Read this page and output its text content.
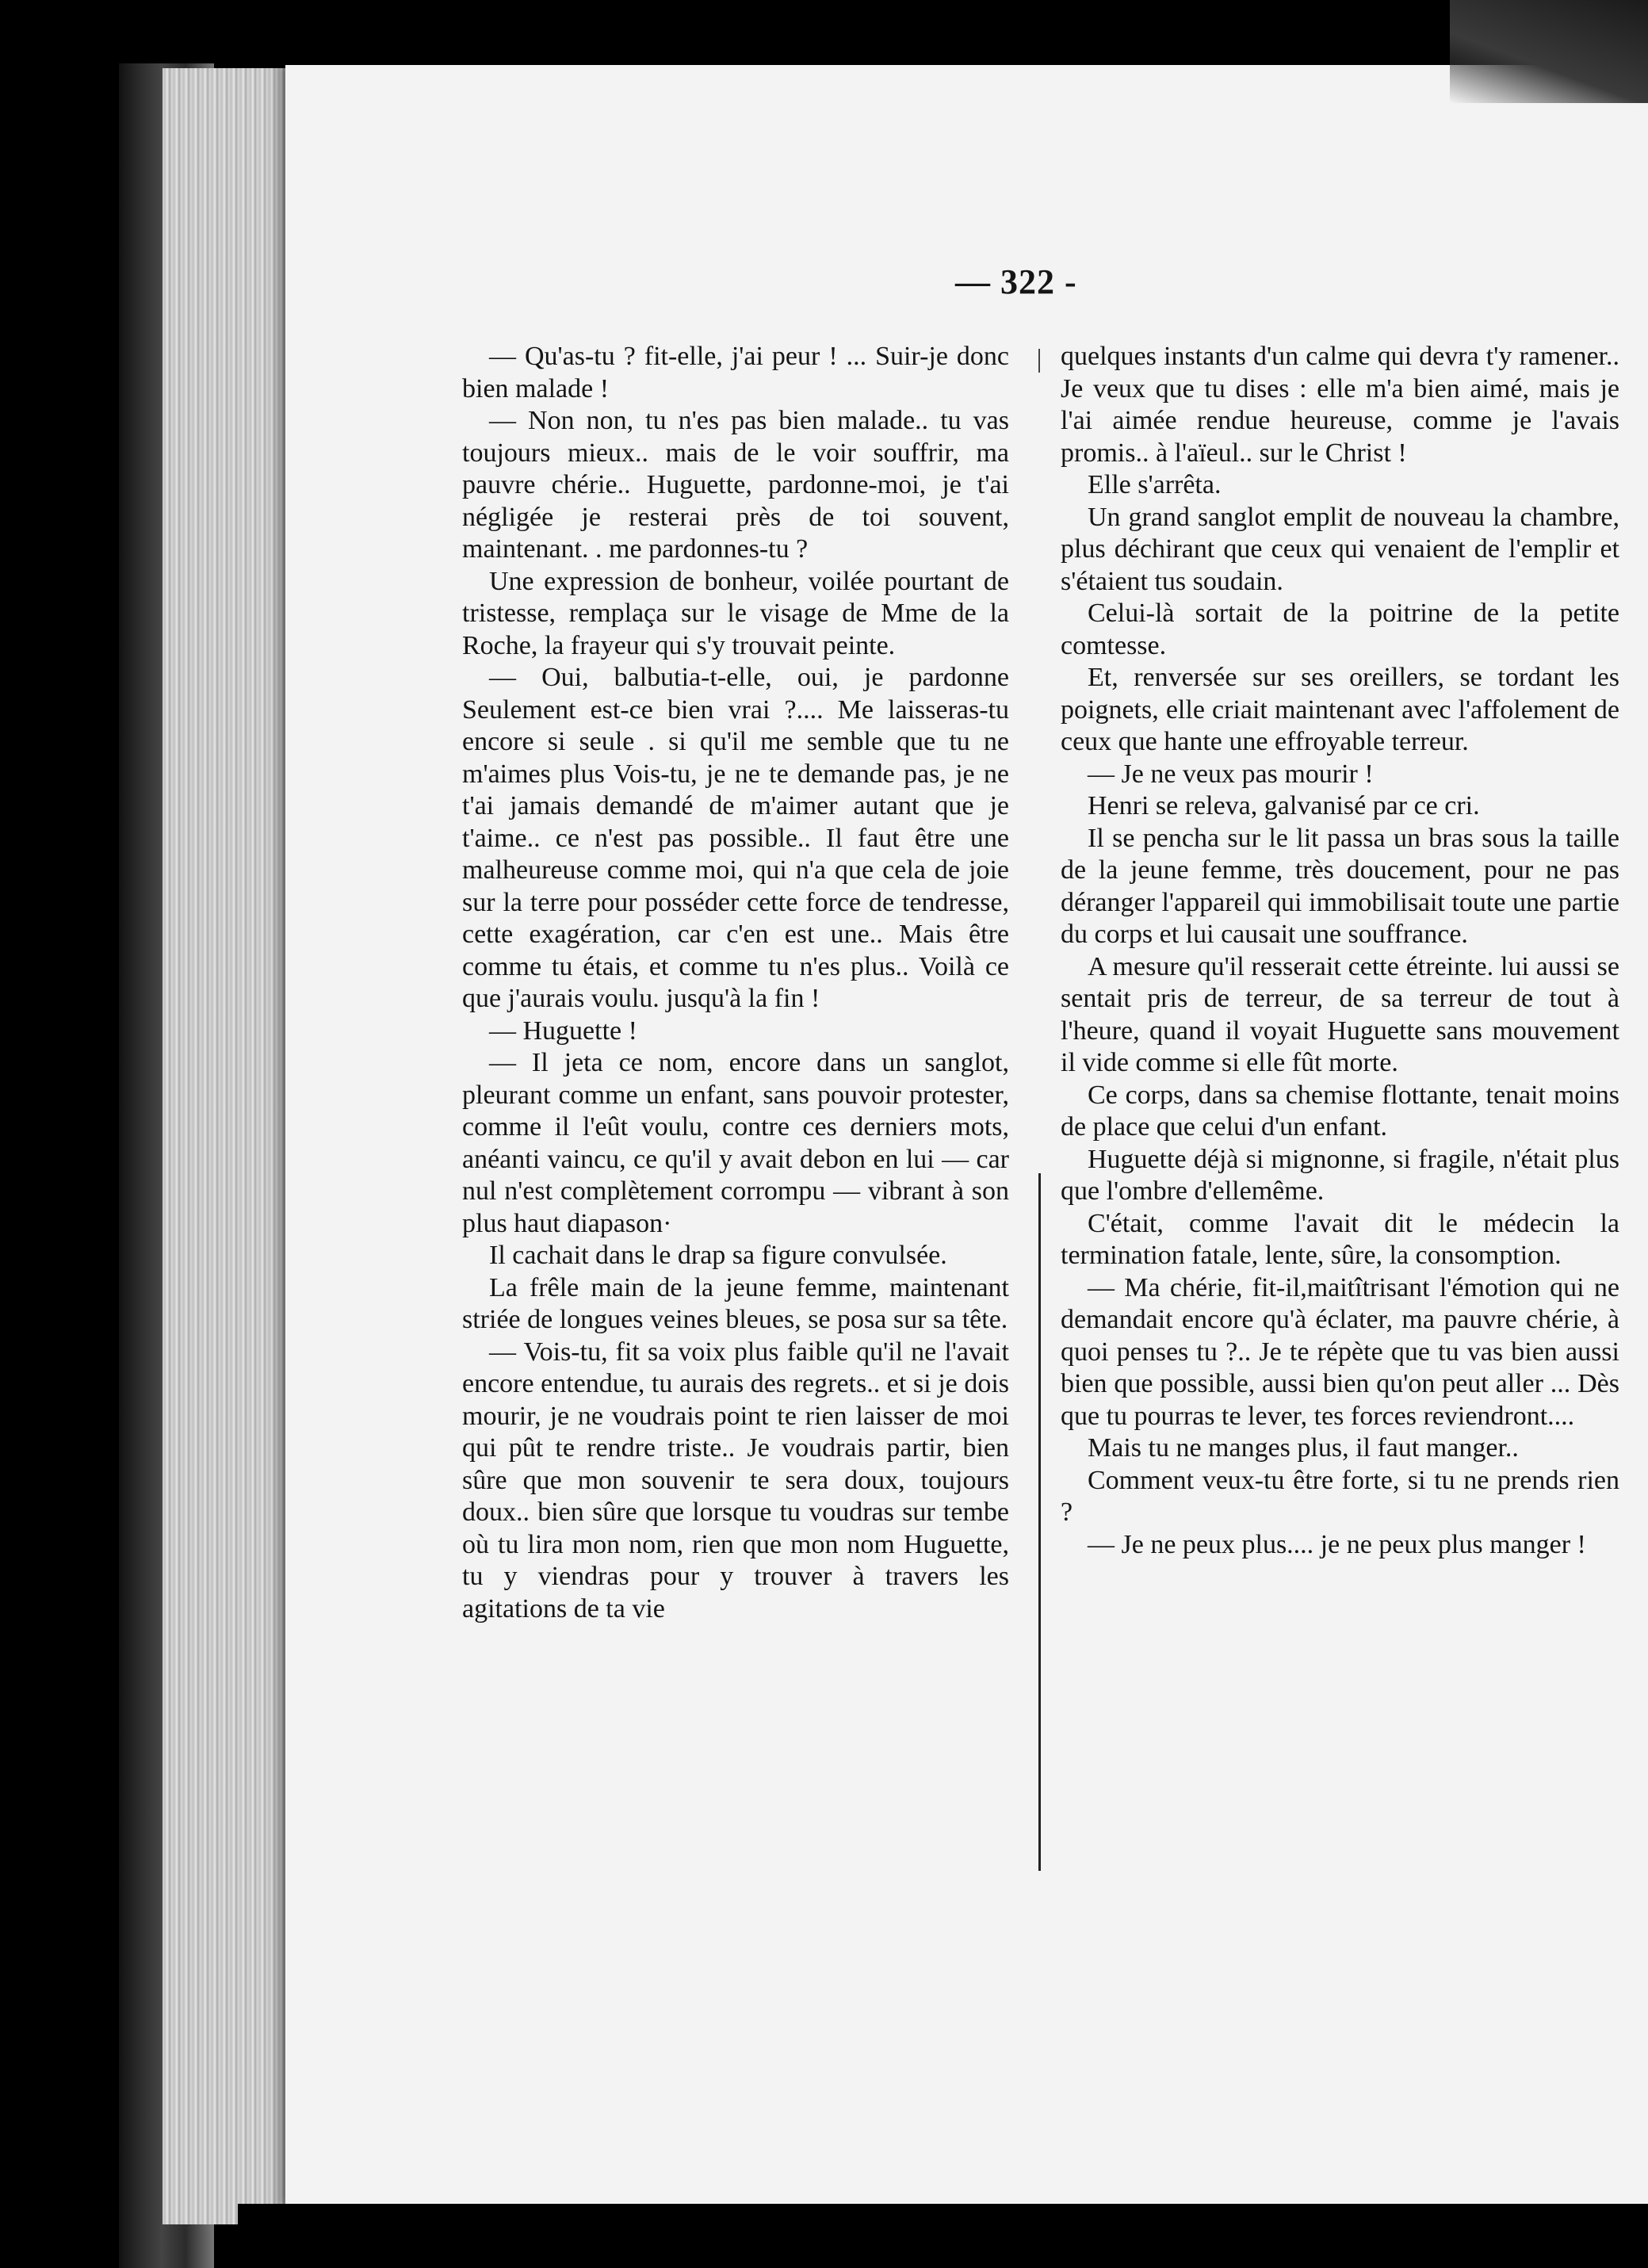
— 322 -

— Qu'as-tu ? fit-elle, j'ai peur ! ... Suir-je donc bien malade !

— Non non, tu n'es pas bien malade.. tu vas toujours mieux.. mais de le voir souffrir, ma pauvre chérie.. Huguette, pardonne-moi, je t'ai négligée je resterai près de toi souvent, maintenant. . me pardonnes-tu ?

Une expression de bonheur, voilée pourtant de tristesse, remplaça sur le visage de Mme de la Roche, la frayeur qui s'y trouvait peinte.

— Oui, balbutia-t-elle, oui, je pardonne Seulement est-ce bien vrai ?.... Me laisseras-tu encore si seule . si qu'il me semble que tu ne m'aimes plus Vois-tu, je ne te demande pas, je ne t'ai jamais demandé de m'aimer autant que je t'aime.. ce n'est pas possible.. Il faut être une malheureuse comme moi, qui n'a que cela de joie sur la terre pour posséder cette force de tendresse, cette exagération, car c'en est une.. Mais être comme tu étais, et comme tu n'es plus.. Voilà ce que j'aurais voulu. jusqu'à la fin !

— Huguette !

— Il jeta ce nom, encore dans un sanglot, pleurant comme un enfant, sans pouvoir protester, comme il l'eût voulu, contre ces derniers mots, anéanti vaincu, ce qu'il y avait debon en lui — car nul n'est complètement corrompu — vibrant à son plus haut diapason·

Il cachait dans le drap sa figure convulsée.

La frêle main de la jeune femme, maintenant striée de longues veines bleues, se posa sur sa tête.

— Vois-tu, fit sa voix plus faible qu'il ne l'avait encore entendue, tu aurais des regrets.. et si je dois mourir, je ne voudrais point te rien laisser de moi qui pût te rendre triste.. Je voudrais partir, bien sûre que mon souvenir te sera doux, toujours doux.. bien sûre que lorsque tu voudras sur tembe où tu lira mon nom, rien que mon nom Huguette, tu y viendras pour y trouver à travers les agitations de ta vie

quelques instants d'un calme qui devra t'y ramener.. Je veux que tu dises : elle m'a bien aimé, mais je l'ai aimée rendue heureuse, comme je l'avais promis.. à l'aïeul.. sur le Christ !

Elle s'arrêta.

Un grand sanglot emplit de nouveau la chambre, plus déchirant que ceux qui venaient de l'emplir et s'étaient tus soudain.

Celui-là sortait de la poitrine de la petite comtesse.

Et, renversée sur ses oreillers, se tordant les poignets, elle criait maintenant avec l'affolement de ceux que hante une effroyable terreur.

— Je ne veux pas mourir !

Henri se releva, galvanisé par ce cri.

Il se pencha sur le lit passa un bras sous la taille de la jeune femme, très doucement, pour ne pas déranger l'appareil qui immobilisait toute une partie du corps et lui causait une souffrance.

A mesure qu'il resserait cette étreinte. lui aussi se sentait pris de terreur, de sa terreur de tout à l'heure, quand il voyait Huguette sans mouvement il vide comme si elle fût morte.

Ce corps, dans sa chemise flottante, tenait moins de place que celui d'un enfant.

Huguette déjà si mignonne, si fragile, n'était plus que l'ombre d'ellemême.

C'était, comme l'avait dit le médecin la termination fatale, lente, sûre, la consomption.

— Ma chérie, fit-il,maitîtrisant l'émotion qui ne demandait encore qu'à éclater, ma pauvre chérie, à quoi penses tu ?.. Je te répète que tu vas bien aussi bien que possible, aussi bien qu'on peut aller ... Dès que tu pourras te lever, tes forces reviendront....

Mais tu ne manges plus, il faut manger..

Comment veux-tu être forte, si tu ne prends rien ?

— Je ne peux plus.... je ne peux plus manger !
